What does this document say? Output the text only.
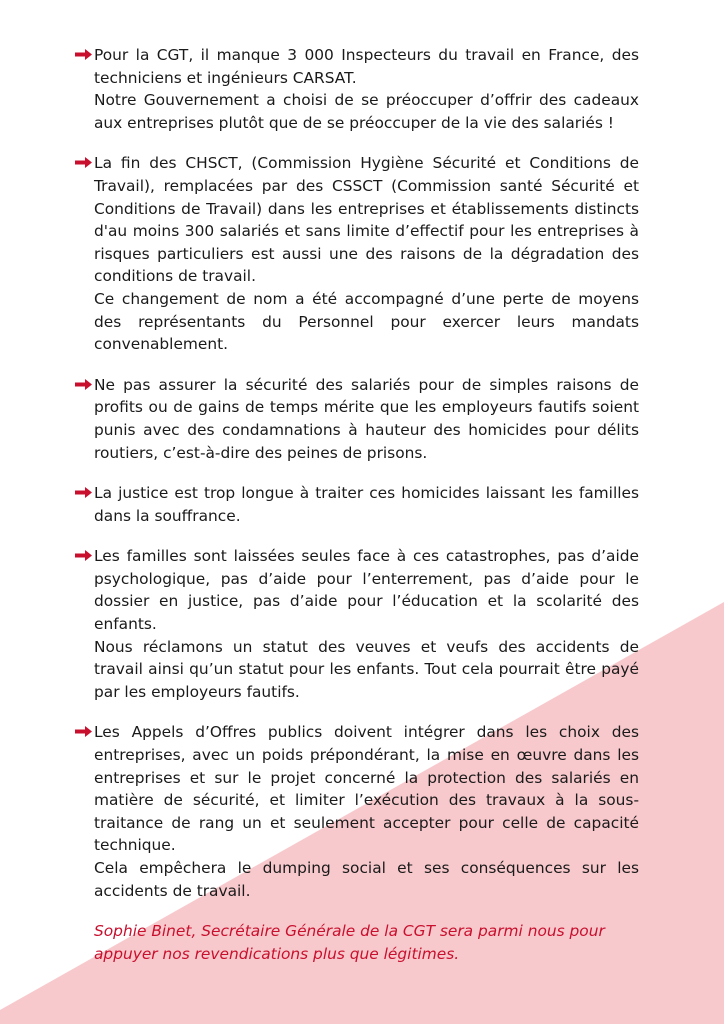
Pour la CGT, il manque 3 000 Inspecteurs du travail en France, des techniciens et ingénieurs CARSAT.

Notre Gouvernement a choisi de se préoccuper d’offrir des cadeaux aux entreprises plutôt que de se préoccuper de la vie des salariés !

La fin des CHSCT, (Commission Hygiène Sécurité et Conditions de Travail), remplacées par des CSSCT (Commission santé Sécurité et Conditions de Travail) dans les entreprises et établissements distincts d'au moins 300 salariés et sans limite d’effectif pour les entreprises à risques particuliers est aussi une des raisons de la dégradation des conditions de travail.

Ce changement de nom a été accompagné d’une perte de moyens des représentants du Personnel pour exercer leurs mandats convenablement.

Ne pas assurer la sécurité des salariés pour de simples raisons de profits ou de gains de temps mérite que les employeurs fautifs soient punis avec des condamnations à hauteur des homicides pour délits routiers, c’est-à-dire des peines de prisons.

La justice est trop longue à traiter ces homicides laissant les familles dans la souffrance.

Les familles sont laissées seules face à ces catastrophes, pas d’aide psychologique, pas d’aide pour l’enterrement, pas d’aide pour le dossier en justice, pas d’aide pour l’éducation et la scolarité des enfants.

Nous réclamons un statut des veuves et veufs des accidents de travail ainsi qu’un statut pour les enfants. Tout cela pourrait être payé par les employeurs fautifs.

Les Appels d’Offres publics doivent intégrer dans les choix des entreprises, avec un poids prépondérant, la mise en œuvre dans les entreprises et sur le projet concerné la protection des salariés en matière de sécurité, et limiter l’exécution des travaux à la sous-traitance de rang un et seulement accepter pour celle de capacité technique.

Cela empêchera le dumping social et ses conséquences sur les accidents de travail.

Sophie Binet, Secrétaire Générale de la CGT sera parmi nous pour appuyer nos revendications plus que légitimes.
